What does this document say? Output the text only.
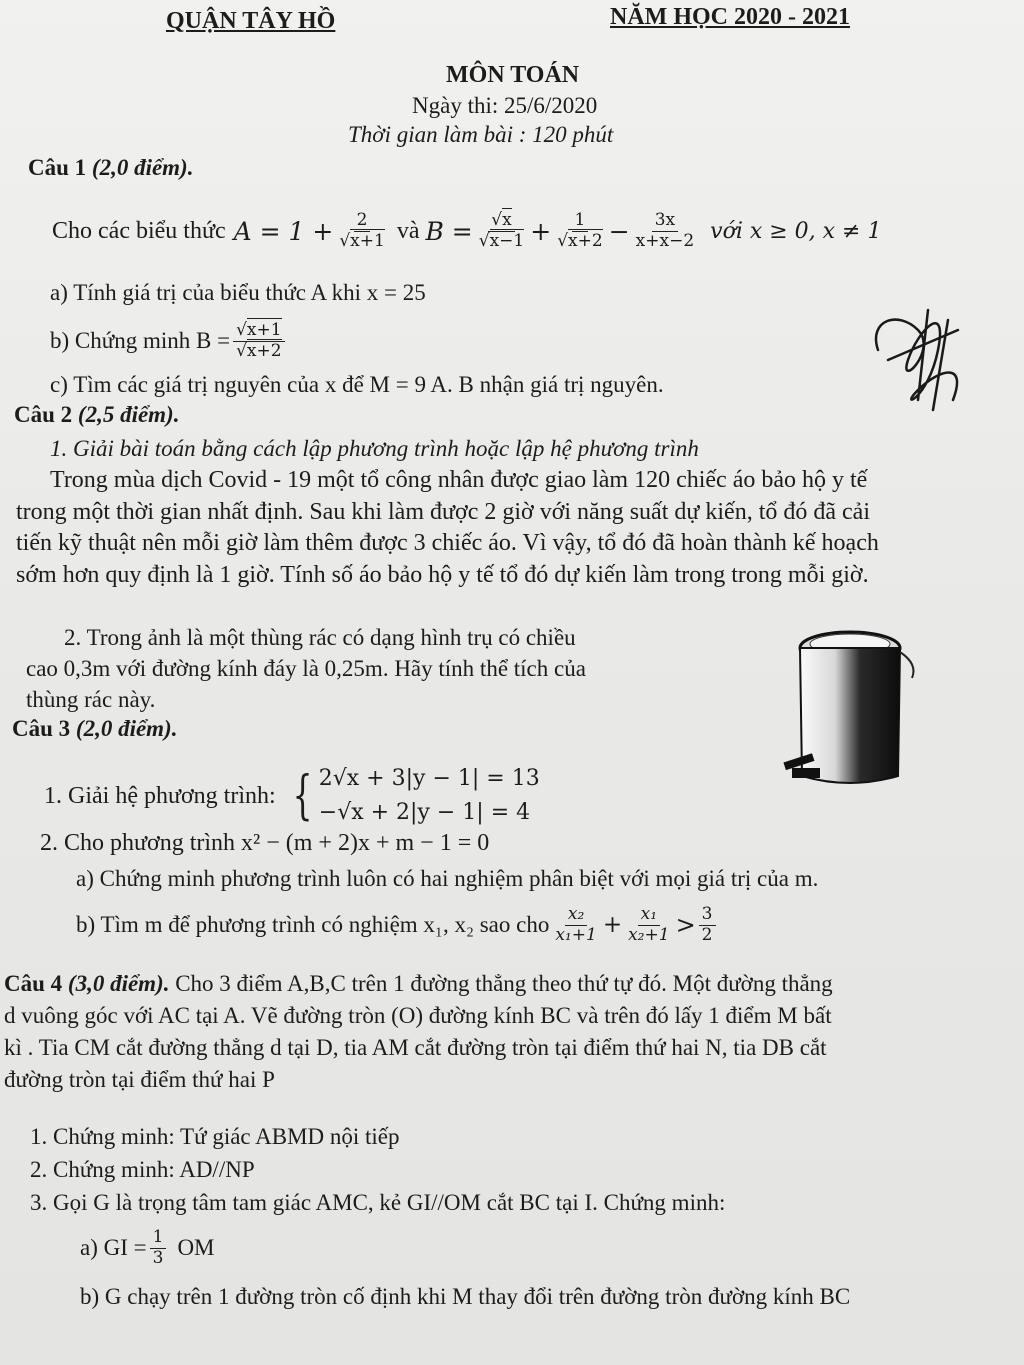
QUẬN TÂY HỒ	NĂM HỌC 2020 - 2021
MÔN TOÁN
Ngày thi: 25/6/2020
Thời gian làm bài : 120 phút
Câu 1 (2,0 điểm).
Cho các biểu thức $A = 1 + \frac{2}{√x+1}$ và $B = \frac{√x}{√x-1} + \frac{1}{√x+2} - \frac{3x}{x+x-2}$ với x ≥ 0, x ≠ 1
a) Tính giá trị của biểu thức A khi x = 25
b) Chứng minh $B = \frac{√x+1}{√x+2}$
c) Tìm các giá trị nguyên của x để M = 9 A. B nhận giá trị nguyên.
Câu 2 (2,5 điểm).
1. Giải bài toán bằng cách lập phương trình hoặc lập hệ phương trình
Trong mùa dịch Covid - 19 một tổ công nhân được giao làm 120 chiếc áo bảo hộ y tế
trong một thời gian nhất định. Sau khi làm được 2 giờ với năng suất dự kiến, tổ đó đã cải
tiến kỹ thuật nên mỗi giờ làm thêm được 3 chiếc áo. Vì vậy, tổ đó đã hoàn thành kế hoạch
sớm hơn quy định là 1 giờ. Tính số áo bảo hộ y tế tổ đó dự kiến làm trong trong mỗi giờ.
2. Trong ảnh là một thùng rác có dạng hình trụ có chiều
cao 0,3m với đường kính đáy là 0,25m. Hãy tính thể tích của
thùng rác này.
Câu 3 (2,0 điểm).
1. Giải hệ phương trình: { 2√x + 3|y − 1| = 13
−√x + 2|y − 1| = 4
2. Cho phương trình x² − (m + 2)x + m − 1 = 0
a) Chứng minh phương trình luôn có hai nghiệm phân biệt với mọi giá trị của m.
b) Tìm m để phương trình có nghiệm x₁, x₂ sao cho $\frac{\text{x₂}}{\text{x₁+1}} + \frac{\text{x₁}}{\text{x₂+1}} > \frac{3}{2}$
Câu 4 (3,0 điểm). Cho 3 điểm A,B,C trên 1 đường thẳng theo thứ tự đó. Một đường thẳng
d vuông góc với AC tại A. Vẽ đường tròn (O) đường kính BC và trên đó lấy 1 điểm M bất
kì . Tia CM cắt đường thẳng d tại D, tia AM cắt đường tròn tại điểm thứ hai N, tia DB cắt
đường tròn tại điểm thứ hai P
1. Chứng minh: Tứ giác ABMD nội tiếp
2. Chứng minh: AD//NP
3. Gọi G là trọng tâm tam giác AMC, kẻ GI//OM cắt BC tại I. Chứng minh:
a) GI = $\frac{1}{3}$ OM
b) G chạy trên 1 đường tròn cố định khi M thay đổi trên đường tròn đường kính BC
